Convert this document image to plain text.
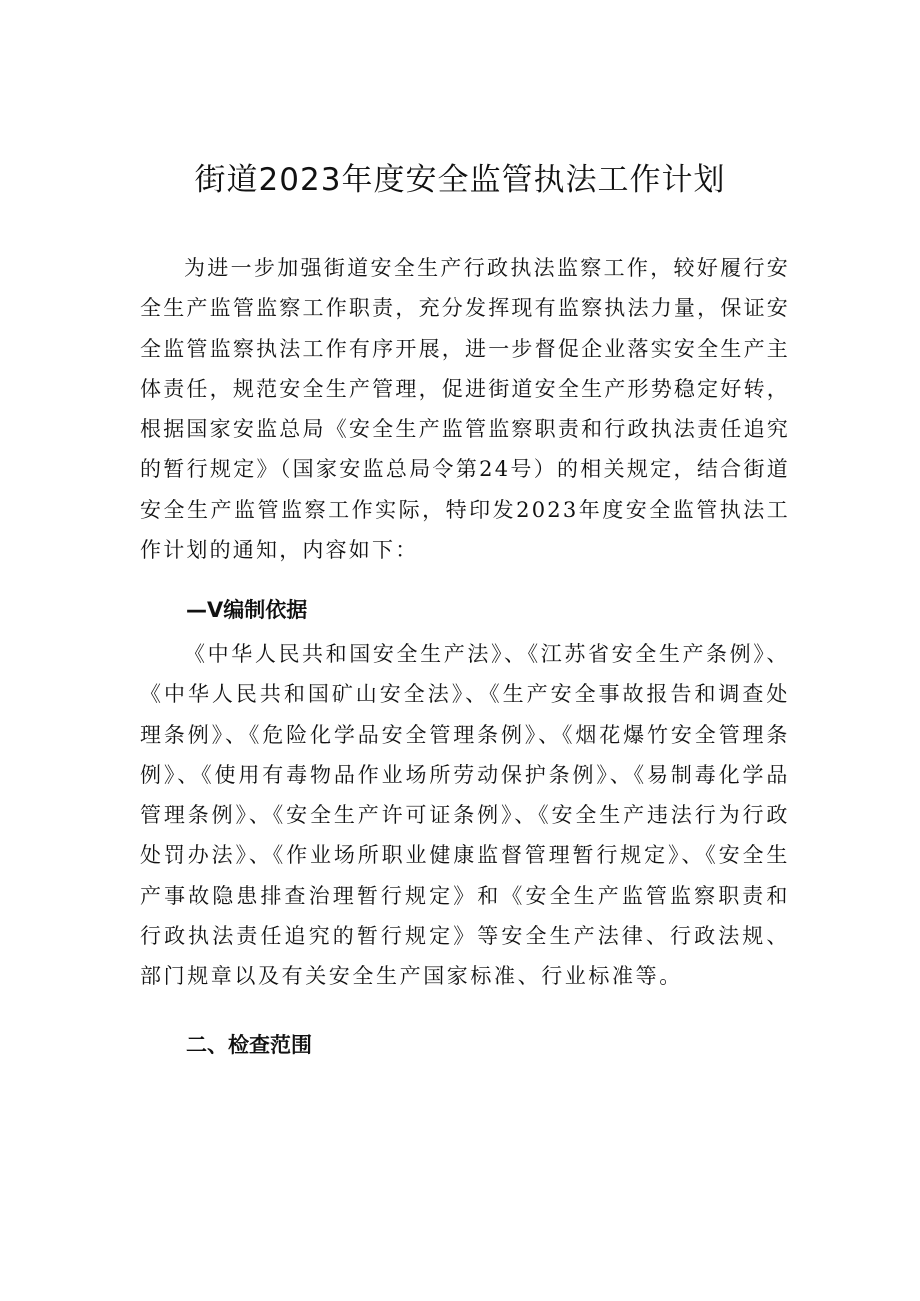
街道2023年度安全监管执法工作计划

为进一步加强街道安全生产行政执法监察工作，较好履行安全生产监管监察工作职责，充分发挥现有监察执法力量，保证安全监管监察执法工作有序开展，进一步督促企业落实安全生产主体责任，规范安全生产管理，促进街道安全生产形势稳定好转，根据国家安监总局《安全生产监管监察职责和行政执法责任追究的暂行规定》（国家安监总局令第24号）的相关规定，结合街道安全生产监管监察工作实际，特印发2023年度安全监管执法工作计划的通知，内容如下：

—V编制依据

《中华人民共和国安全生产法》、《江苏省安全生产条例》、《中华人民共和国矿山安全法》、《生产安全事故报告和调查处理条例》、《危险化学品安全管理条例》、《烟花爆竹安全管理条例》、《使用有毒物品作业场所劳动保护条例》、《易制毒化学品管理条例》、《安全生产许可证条例》、《安全生产违法行为行政处罚办法》、《作业场所职业健康监督管理暂行规定》、《安全生产事故隐患排查治理暂行规定》和《安全生产监管监察职责和行政执法责任追究的暂行规定》等安全生产法律、行政法规、部门规章以及有关安全生产国家标准、行业标准等。

二、检查范围
